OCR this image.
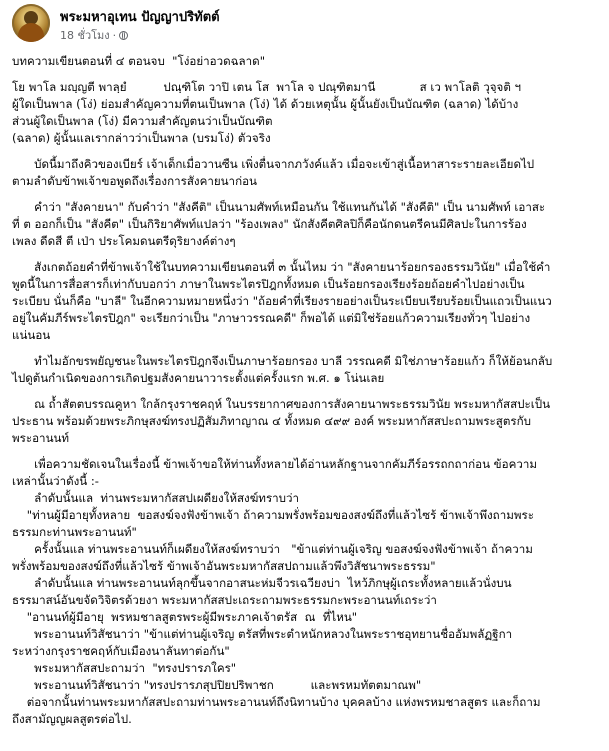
พระมหาอุเทน ปัญญาปริทัตต์
18 ชั่วโมง ·
บทความเขียนตอนที่ ๔ ตอนจบ  "โง่อย่าอวดฉลาด"
โย พาโล มญฺญตี พาลฺยํ          ปณฺฑิโต วาปิ เตน โส  พาโล จ ปณฺฑิตมานี            ส เว พาโลติ วุจฺจติ ฯ
ผู้ใดเป็นพาล (โง่) ย่อมสำคัญความที่ตนเป็นพาล (โง่) ได้ ด้วยเหตุนั้น ผู้นั้นยังเป็นบัณฑิต (ฉลาด) ได้บ้าง
ส่วนผู้ใดเป็นพาล (โง่) มีความสำคัญตนว่าเป็นบัณฑิต
(ฉลาด) ผู้นั้นแลเรากล่าวว่าเป็นพาล (บรมโง่) ตัวจริง
บัดนี้มาถึงคิวของเบียร์ เจ้าเด็กเมื่อวานซืน เพิ่งตื่นจากภวังค์แล้ว เมื่อจะเข้าสู่เนื้อหาสาระรายละเอียดไป
ตามลำดับข้าพเจ้าขอพูดถึงเรื่องการสังคายนาก่อน
คำว่า "สังคายนา" กับคำว่า "สังคีติ" เป็นนามศัพท์เหมือนกัน ใช้แทนกันได้ "สังคีติ" เป็น นามศัพท์ เอาสะ
ที่ ต ออกก็เป็น "สังคีต" เป็นกิริยาศัพท์แปลว่า "ร้องเพลง" นักสังคีตศิลปิก็คือนักดนตรีคนมีศิลปะในการร้อง
เพลง ดีดสี ตี เป่า ประโคมดนตรีดุริยางค์ต่างๆ
สังเกตถ้อยคำที่ข้าพเจ้าใช้ในบทความเขียนตอนที่ ๓ นั้นไหม ว่า "สังคายนาร้อยกรองธรรมวินัย" เมื่อใช้คำ
พูดนี้ในการสื่อสารก็เท่ากับบอกว่า ภาษาในพระไตรปิฎกทั้งหมด เป็นร้อยกรองเรียงร้อยถ้อยคำไปอย่างเป็น
ระเบียบ นั่นก็คือ "บาลี" ในอีกความหมายหนึ่งว่า "ถ้อยคำที่เรียงรายอย่างเป็นระเบียบเรียบร้อยเป็นแถวเป็นแนว
อยู่ในคัมภีร์พระไตรปิฎก" จะเรียกว่าเป็น "ภาษาวรรณคดี" ก็พอได้ แต่มิใช่ร้อยแก้วความเรียงทั่วๆ ไปอย่าง
แน่นอน
ทำไมอักขรพยัญชนะในพระไตรปิฎกจึงเป็นภาษาร้อยกรอง บาลี วรรณคดี มิใช่ภาษาร้อยแก้ว ก็ให้ย้อนกลับ
ไปดูต้นกำเนิดของการเกิดปฐมสังคายนาวาระตั้งแต่ครั้งแรก พ.ศ. ๑ โน่นเลย
ณ ถ้ำสัตตบรรณคูหา ใกล้กรุงราชคฤห์ ในบรรยากาศของการสังคายนาพระธรรมวินัย พระมหากัสสปะเป็น
ประธาน พร้อมด้วยพระภิกษุสงฆ์ทรงปฏิสัมภิทาญาณ ๔ ทั้งหมด ๔๙๙ องค์ พระมหากัสสปะถามพระสูตรกับ
พระอานนท์
เพื่อความชัดเจนในเรื่องนี้ ข้าพเจ้าขอให้ท่านทั้งหลายได้อ่านหลักฐานจากคัมภีร์อรรถกถาก่อน ข้อความ
เหล่านั้นว่าดังนี้ :-
ลำดับนั้นแล  ท่านพระมหากัสสปเผดียงให้สงฆ์ทราบว่า
"ท่านผู้มีอายุทั้งหลาย  ขอสงฆ์จงฟังข้าพเจ้า ถ้าความพรั่งพร้อมของสงฆ์ถึงที่แล้วไซร้ ข้าพเจ้าพึงถามพระ
ธรรมกะท่านพระอานนท์"
ครั้งนั้นแล ท่านพระอานนท์ก็เผดียงให้สงฆ์ทราบว่า   "ข้าแต่ท่านผู้เจริญ ขอสงฆ์จงฟังข้าพเจ้า ถ้าความ
พรั่งพร้อมของสงฆ์ถึงที่แล้วไซร้ ข้าพเจ้าอันพระมหากัสสปถามแล้วพึงวิสัชนาพระธรรม"
ลำดับนั้นแล ท่านพระอานนท์ลุกขึ้นจากอาสนะห่มจีวรเฉวียงบ่า  ไหว้ภิกษุผู้เถระทั้งหลายแล้วนั่งบน
ธรรมาสน์อันขจัดวิจิตรด้วยงา พระมหากัสสปะเถระถามพระธรรมกะพระอานนท์เถระว่า
"อานนท์ผู้มีอายุ  พรหมชาลสูตรพระผู้มีพระภาคเจ้าตรัส  ณ  ที่ไหน"
พระอานนท์วิสัชนาว่า "ข้าแต่ท่านผู้เจริญ ตรัสที่พระตำหนักหลวงในพระราชอุทยานชื่ออัมพลัฏฐิกา
ระหว่างกรุงราชคฤห์กับเมืองนาลันทาต่อกัน"
พระมหากัสสปะถามว่า  "ทรงปรารภใคร"
พระอานนท์วิสัชนาว่า "ทรงปรารภสุปปิยปริพาชก          และพรหมทัตตมาณพ"
ต่อจากนั้นท่านพระมหากัสสปะถามท่านพระอานนท์ถึงนิทานบ้าง บุคคลบ้าง แห่งพรหมชาลสูตร และก็ถาม
ถึงสามัญญผลสูตรต่อไป.
